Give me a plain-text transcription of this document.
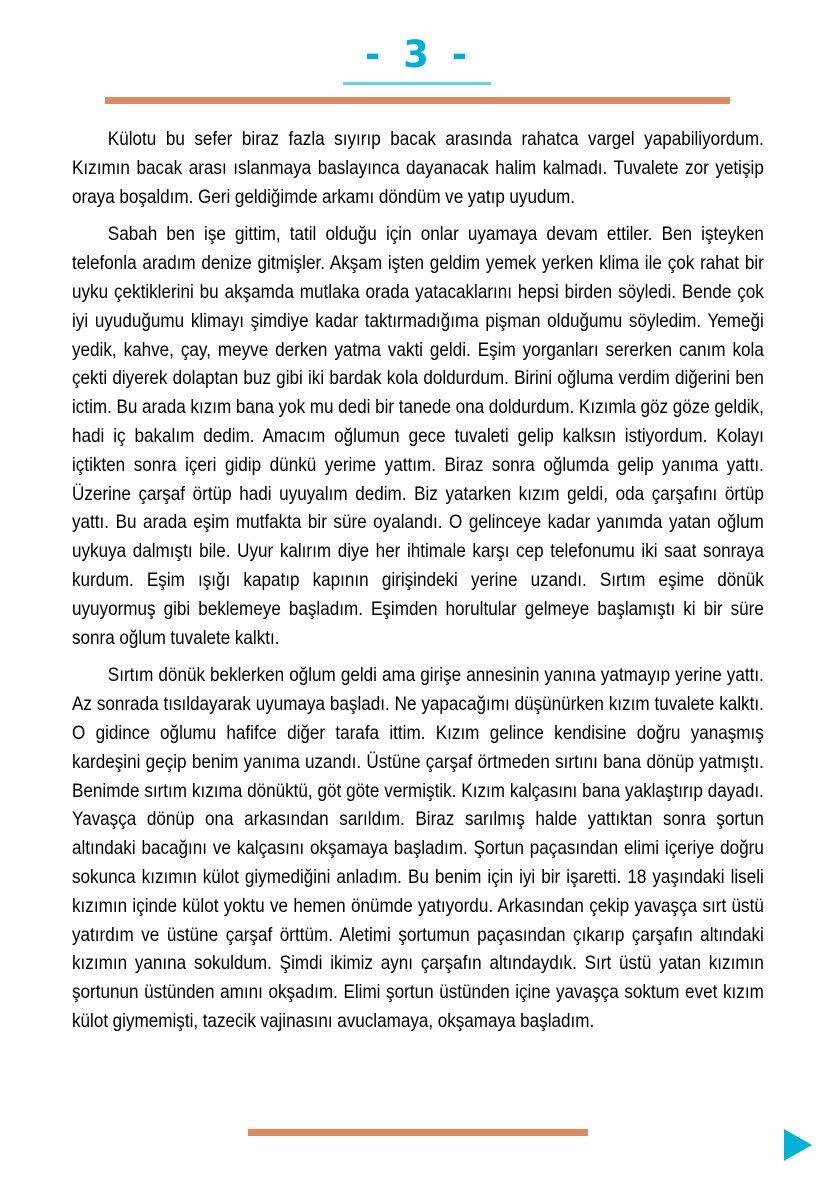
- 3 -

Külotu bu sefer biraz fazla sıyırıp bacak arasında rahatca vargel yapabiliyordum. Kızımın bacak arası ıslanmaya baslayınca dayanacak halim kalmadı. Tuvalete zor yetişip oraya boşaldım. Geri geldiğimde arkamı döndüm ve yatıp uyudum.

Sabah ben işe gittim, tatil olduğu için onlar uyamaya devam ettiler. Ben işteyken telefonla aradım denize gitmişler. Akşam işten geldim yemek yerken klima ile çok rahat bir uyku çektiklerini bu akşamda mutlaka orada yatacaklarını hepsi birden söyledi. Bende çok iyi uyuduğumu klimayı şimdiye kadar taktırmadığıma pişman olduğumu söyledim. Yemeği yedik, kahve, çay, meyve derken yatma vakti geldi. Eşim yorganları sererken canım kola çekti diyerek dolaptan buz gibi iki bardak kola doldurdum. Birini oğluma verdim diğerini ben ictim. Bu arada kızım bana yok mu dedi bir tanede ona doldurdum. Kızımla göz göze geldik, hadi iç bakalım dedim. Amacım oğlumun gece tuvaleti gelip kalksın istiyordum. Kolayı içtikten sonra içeri gidip dünkü yerime yattım. Biraz sonra oğlumda gelip yanıma yattı. Üzerine çarşaf örtüp hadi uyuyalım dedim. Biz yatarken kızım geldi, oda çarşafını örtüp yattı. Bu arada eşim mutfakta bir süre oyalandı. O gelinceye kadar yanımda yatan oğlum uykuya dalmıştı bile. Uyur kalırım diye her ihtimale karşı cep telefonumu iki saat sonraya kurdum. Eşim ışığı kapatıp kapının girişindeki yerine uzandı. Sırtım eşime dönük uyuyormuş gibi beklemeye başladım. Eşimden horultular gelmeye başlamıştı ki bir süre sonra oğlum tuvalete kalktı.

Sırtım dönük beklerken oğlum geldi ama girişe annesinin yanına yatmayıp yerine yattı. Az sonrada tısıldayarak uyumaya başladı. Ne yapacağımı düşünürken kızım tuvalete kalktı. O gidince oğlumu hafifce diğer tarafa ittim. Kızım gelince kendisine doğru yanaşmış kardeşini geçip benim yanıma uzandı. Üstüne çarşaf örtmeden sırtını bana dönüp yatmıştı. Benimde sırtım kızıma dönüktü, göt göte vermiştik. Kızım kalçasını bana yaklaştırıp dayadı. Yavaşça dönüp ona arkasından sarıldım. Biraz sarılmış halde yattıktan sonra şortun altındaki bacağını ve kalçasını okşamaya başladım. Şortun paçasından elimi içeriye doğru sokunca kızımın külot giymediğini anladım. Bu benim için iyi bir işaretti. 18 yaşındaki liseli kızımın içinde külot yoktu ve hemen önümde yatıyordu. Arkasından çekip yavaşça sırt üstü yatırdım ve üstüne çarşaf örttüm. Aletimi şortumun paçasından çıkarıp çarşafın altındaki kızımın yanına sokuldum. Şimdi ikimiz aynı çarşafın altındaydık. Sırt üstü yatan kızımın şortunun üstünden amını okşadım. Elimi şortun üstünden içine yavaşça soktum evet kızım külot giymemişti, tazecik vajinasını avuclamaya, okşamaya başladım.
